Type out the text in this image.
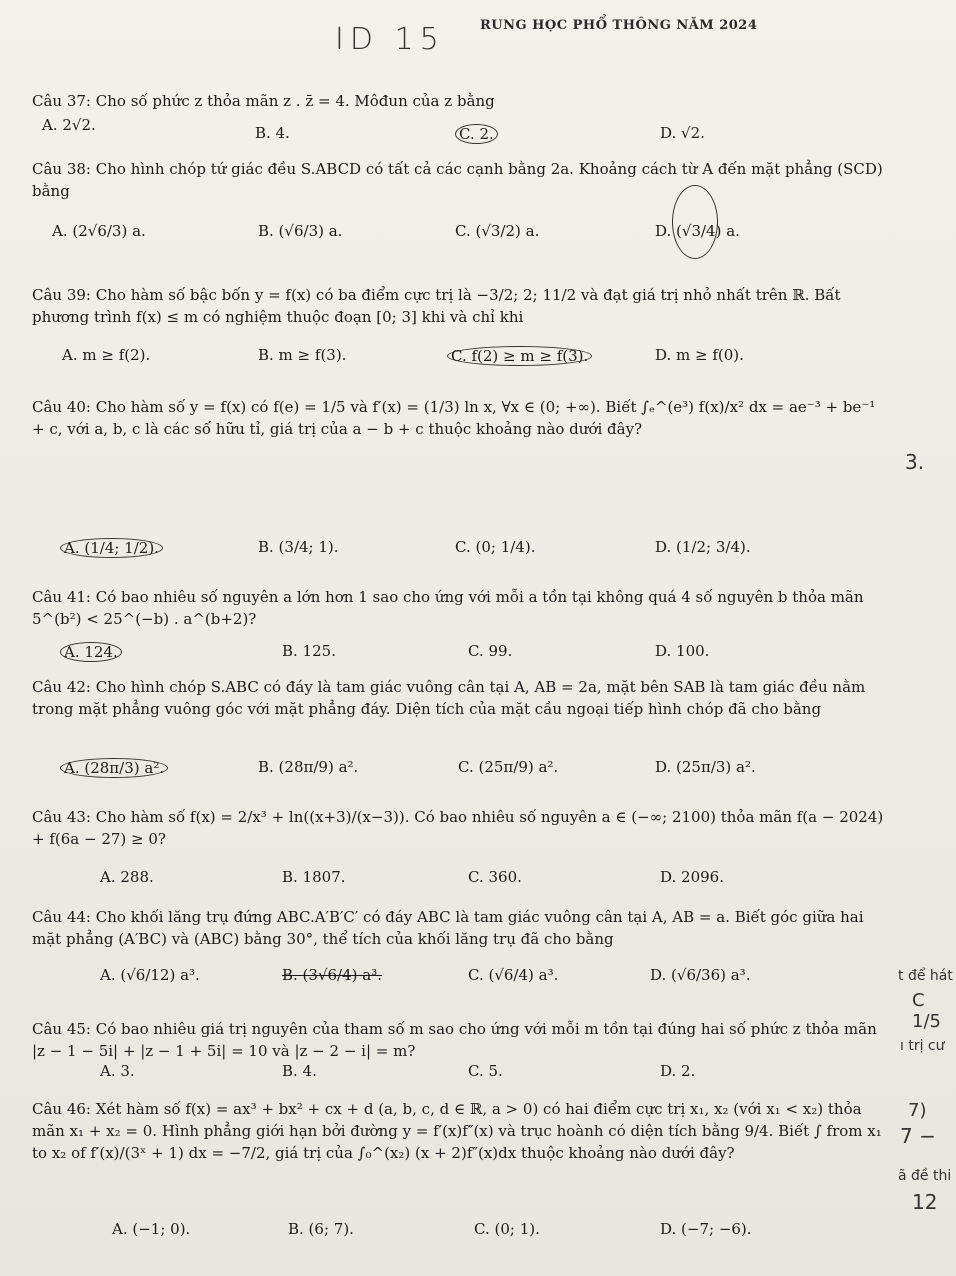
ID 15	RUNG HỌC PHỔ THÔNG NĂM 2024
Câu 37: Cho số phức z thỏa mãn z . z̄ = 4. Môđun của z bằng
A. 2√2.	B. 4.	C. 2.	D. √2.
Câu 38: Cho hình chóp tứ giác đều S.ABCD có tất cả các cạnh bằng 2a. Khoảng cách từ A đến mặt phẳng (SCD) bằng
A. (2√6/3) a.	B. (√6/3) a.	C. (√3/2) a.	D. (√3/4) a.
Câu 39: Cho hàm số bậc bốn y = f(x) có ba điểm cực trị là −3/2; 2; 11/2 và đạt giá trị nhỏ nhất trên ℝ. Bất phương trình f(x) ≤ m có nghiệm thuộc đoạn [0; 3] khi và chỉ khi
A. m ≥ f(2).	B. m ≥ f(3).	C. f(2) ≥ m ≥ f(3).	D. m ≥ f(0).
Câu 40: Cho hàm số y = f(x) có f(e) = 1/5 và f′(x) = (1/3) ln x, ∀x ∈ (0; +∞). Biết ∫ₑ^(e³) f(x)/x² dx = ae⁻³ + be⁻¹ + c, với a, b, c là các số hữu tỉ, giá trị của a − b + c thuộc khoảng nào dưới đây?
A. (1/4; 1/2).	B. (3/4; 1).	C. (0; 1/4).	D. (1/2; 3/4).
3.
Câu 41: Có bao nhiêu số nguyên a lớn hơn 1 sao cho ứng với mỗi a tồn tại không quá 4 số nguyên b thỏa mãn 5^(b²) < 25^(−b) . a^(b+2)?
A. 124.	B. 125.	C. 99.	D. 100.
Câu 42: Cho hình chóp S.ABC có đáy là tam giác vuông cân tại A, AB = 2a, mặt bên SAB là tam giác đều nằm trong mặt phẳng vuông góc với mặt phẳng đáy. Diện tích của mặt cầu ngoại tiếp hình chóp đã cho bằng
A. (28π/3) a².	B. (28π/9) a².	C. (25π/9) a².	D. (25π/3) a².
Câu 43: Cho hàm số f(x) = 2/x³ + ln((x+3)/(x−3)). Có bao nhiêu số nguyên a ∈ (−∞; 2100) thỏa mãn f(a − 2024) + f(6a − 27) ≥ 0?
A. 288.	B. 1807.	C. 360.	D. 2096.
Câu 44: Cho khối lăng trụ đứng ABC.A′B′C′ có đáy ABC là tam giác vuông cân tại A, AB = a. Biết góc giữa hai mặt phẳng (A′BC) và (ABC) bằng 30°, thể tích của khối lăng trụ đã cho bằng
A. (√6/12) a³.	B. (3√6/4) a³.	C. (√6/4) a³.	D. (√6/36) a³.	t để hát
C 1/5
Câu 45: Có bao nhiêu giá trị nguyên của tham số m sao cho ứng với mỗi m tồn tại đúng hai số phức z thỏa mãn |z − 1 − 5i| + |z − 1 + 5i| = 10 và |z − 2 − i| = m?
A. 3.	B. 4.	C. 5.	D. 2.
ı trị cư
7)
Câu 46: Xét hàm số f(x) = ax³ + bx² + cx + d (a, b, c, d ∈ ℝ, a > 0) có hai điểm cực trị x₁, x₂ (với x₁ < x₂) thỏa mãn x₁ + x₂ = 0. Hình phẳng giới hạn bởi đường y = f′(x)f″(x) và trục hoành có diện tích bằng 9/4. Biết ∫ from x₁ to x₂ of f′(x)/(3ˣ + 1) dx = −7/2, giá trị của ∫₀^(x₂) (x + 2)f″(x)dx thuộc khoảng nào dưới đây?
A. (−1; 0).	B. (6; 7).	C. (0; 1).	D. (−7; −6).
7 −
ã đề thi
12
